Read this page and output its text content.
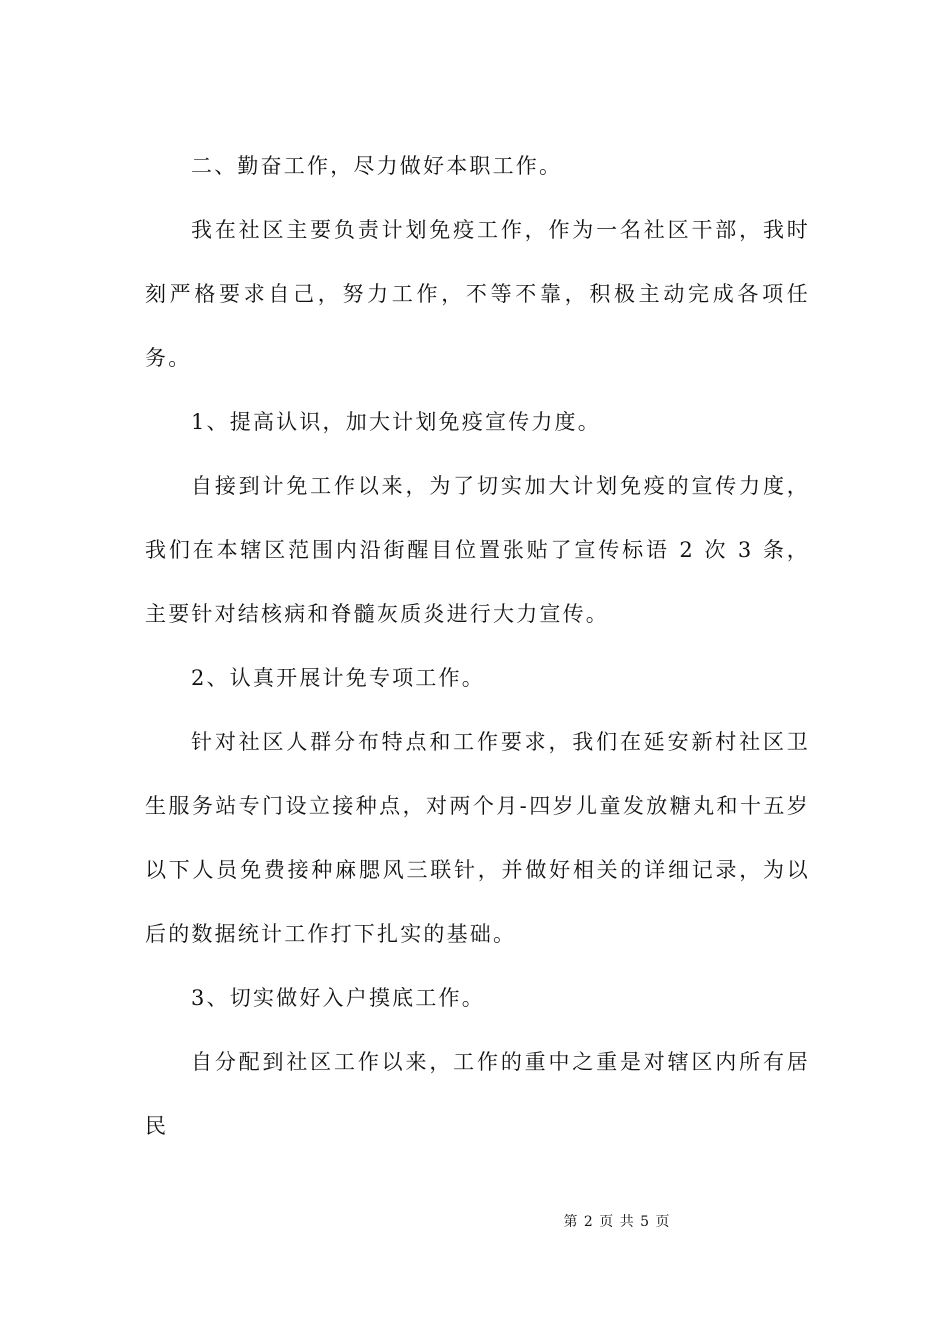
二、勤奋工作，尽力做好本职工作。

我在社区主要负责计划免疫工作，作为一名社区干部，我时刻严格要求自己，努力工作，不等不靠，积极主动完成各项任务。

1、提高认识，加大计划免疫宣传力度。

自接到计免工作以来，为了切实加大计划免疫的宣传力度，我们在本辖区范围内沿街醒目位置张贴了宣传标语 2 次 3 条，主要针对结核病和脊髓灰质炎进行大力宣传。

2、认真开展计免专项工作。

针对社区人群分布特点和工作要求，我们在延安新村社区卫生服务站专门设立接种点，对两个月-四岁儿童发放糖丸和十五岁以下人员免费接种麻腮风三联针，并做好相关的详细记录，为以后的数据统计工作打下扎实的基础。

3、切实做好入户摸底工作。

自分配到社区工作以来，工作的重中之重是对辖区内所有居民

第 2 页 共 5 页
